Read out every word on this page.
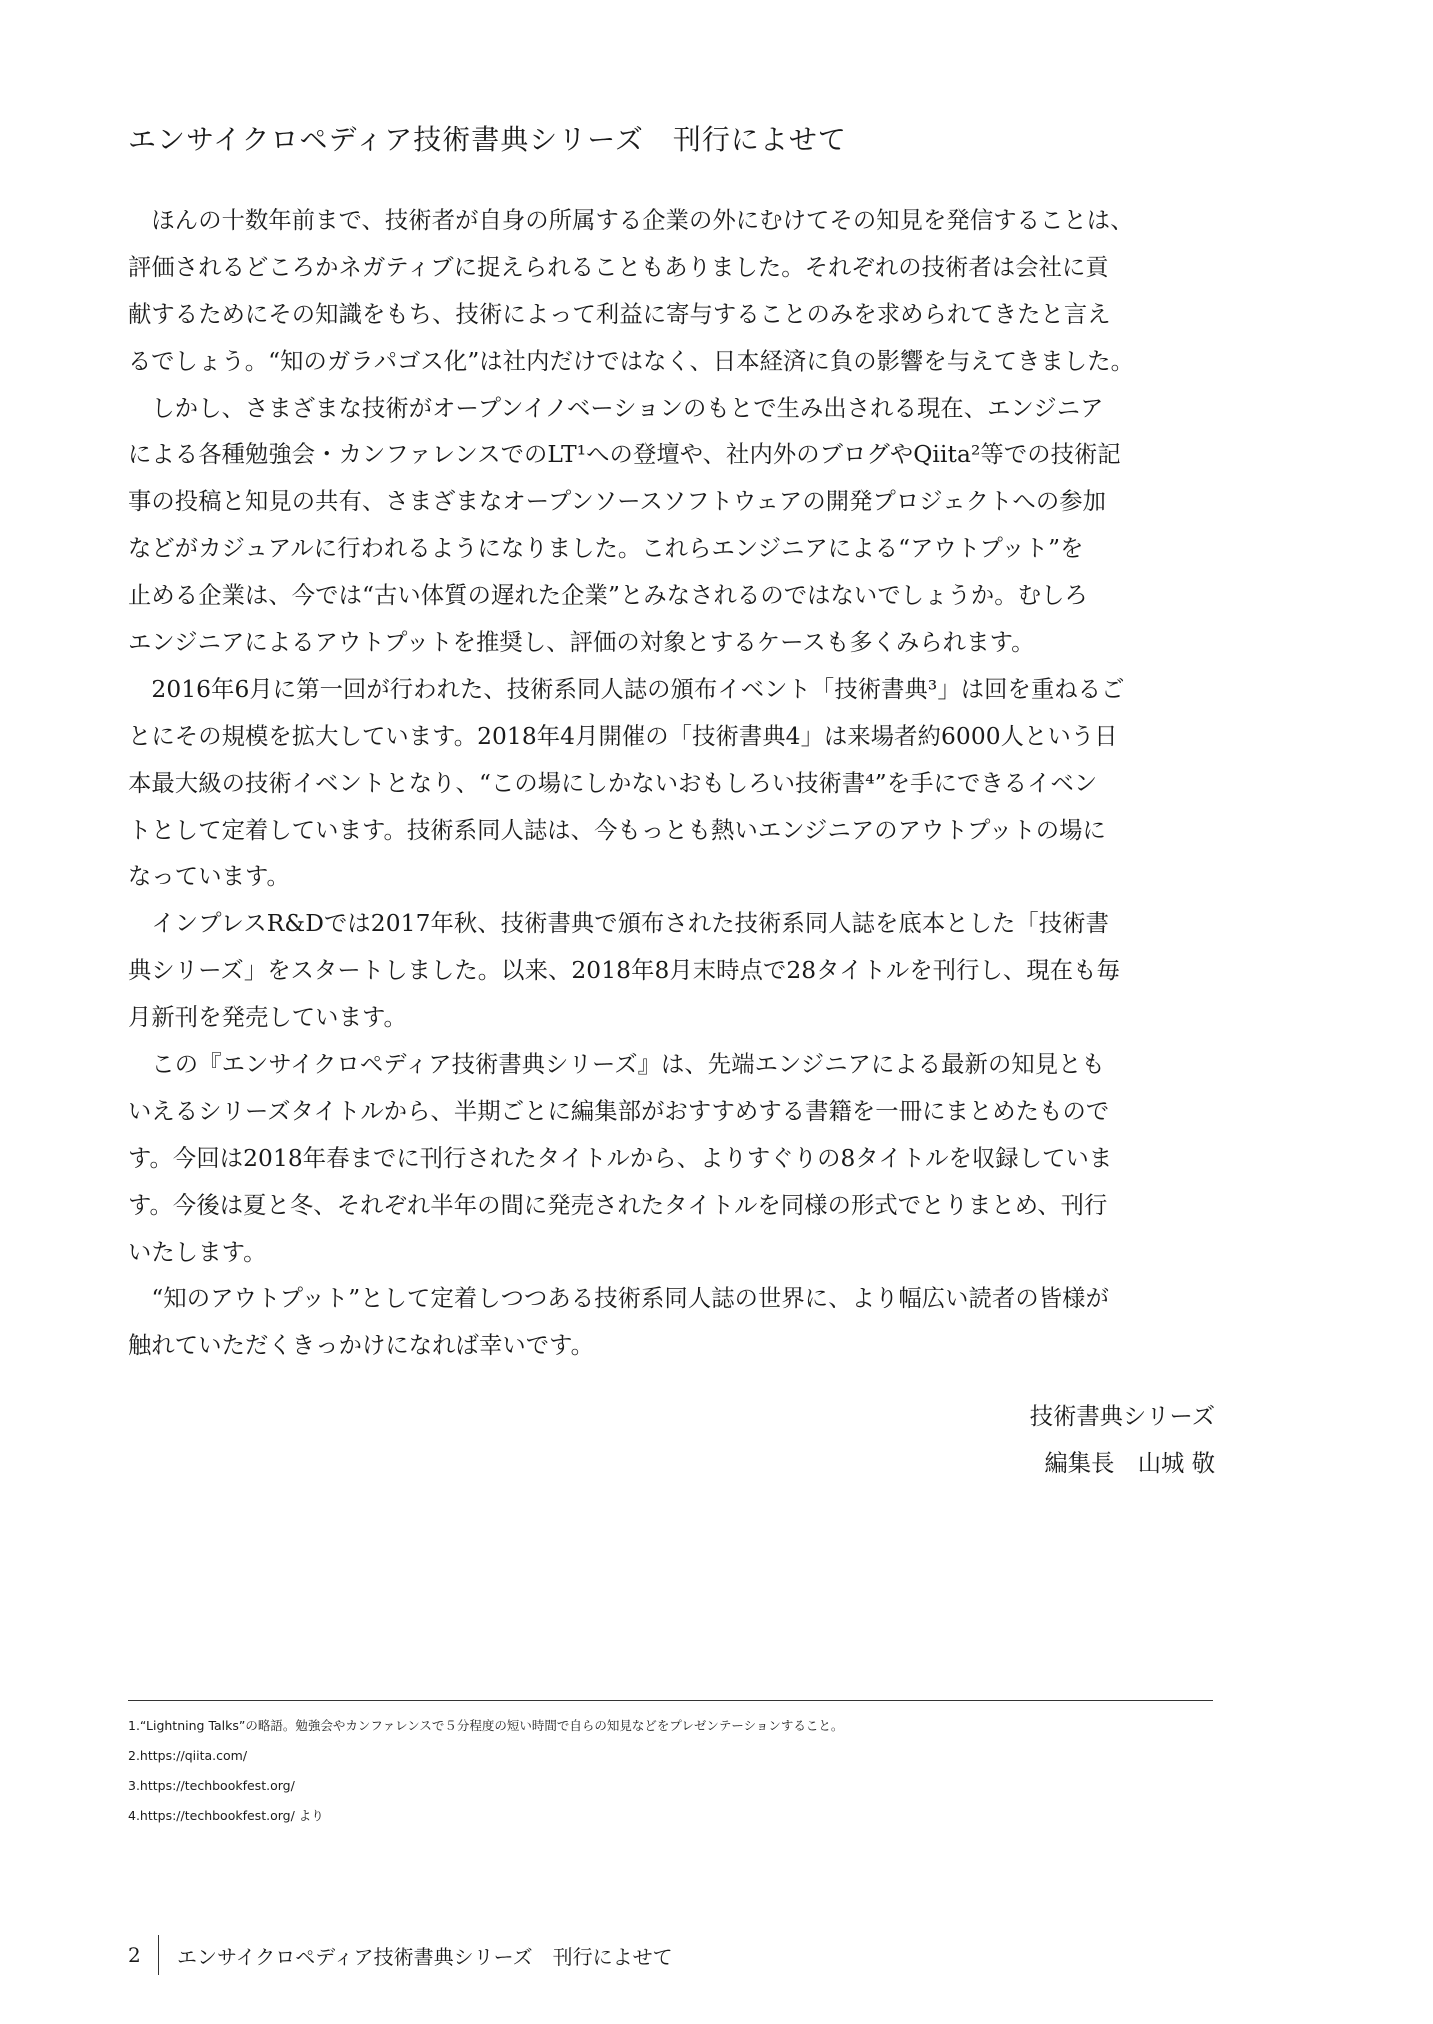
エンサイクロペディア技術書典シリーズ　刊行によせて
　ほんの十数年前まで、技術者が自身の所属する企業の外にむけてその知見を発信することは、
評価されるどころかネガティブに捉えられることもありました。それぞれの技術者は会社に貢
献するためにその知識をもち、技術によって利益に寄与することのみを求められてきたと言え
るでしょう。“知のガラパゴス化”は社内だけではなく、日本経済に負の影響を与えてきました。
　しかし、さまざまな技術がオープンイノベーションのもとで生み出される現在、エンジニア
による各種勉強会・カンファレンスでのLT¹への登壇や、社内外のブログやQiita²等での技術記
事の投稿と知見の共有、さまざまなオープンソースソフトウェアの開発プロジェクトへの参加
などがカジュアルに行われるようになりました。これらエンジニアによる“アウトプット”を
止める企業は、今では“古い体質の遅れた企業”とみなされるのではないでしょうか。むしろ
エンジニアによるアウトプットを推奨し、評価の対象とするケースも多くみられます。
　2016年6月に第一回が行われた、技術系同人誌の頒布イベント「技術書典³」は回を重ねるご
とにその規模を拡大しています。2018年4月開催の「技術書典4」は来場者約6000人という日
本最大級の技術イベントとなり、“この場にしかないおもしろい技術書⁴”を手にできるイベン
トとして定着しています。技術系同人誌は、今もっとも熱いエンジニアのアウトプットの場に
なっています。
　インプレスR&Dでは2017年秋、技術書典で頒布された技術系同人誌を底本とした「技術書
典シリーズ」をスタートしました。以来、2018年8月末時点で28タイトルを刊行し、現在も毎
月新刊を発売しています。
　この『エンサイクロペディア技術書典シリーズ』は、先端エンジニアによる最新の知見とも
いえるシリーズタイトルから、半期ごとに編集部がおすすめする書籍を一冊にまとめたもので
す。今回は2018年春までに刊行されたタイトルから、よりすぐりの8タイトルを収録していま
す。今後は夏と冬、それぞれ半年の間に発売されたタイトルを同様の形式でとりまとめ、刊行
いたします。
　“知のアウトプット”として定着しつつある技術系同人誌の世界に、より幅広い読者の皆様が
触れていただくきっかけになれば幸いです。
技術書典シリーズ
編集長　山城 敬
1.“Lightning Talks”の略語。勉強会やカンファレンスで５分程度の短い時間で自らの知見などをプレゼンテーションすること。
2.https://qiita.com/
3.https://techbookfest.org/
4.https://techbookfest.org/ より
2	エンサイクロペディア技術書典シリーズ　刊行によせて
